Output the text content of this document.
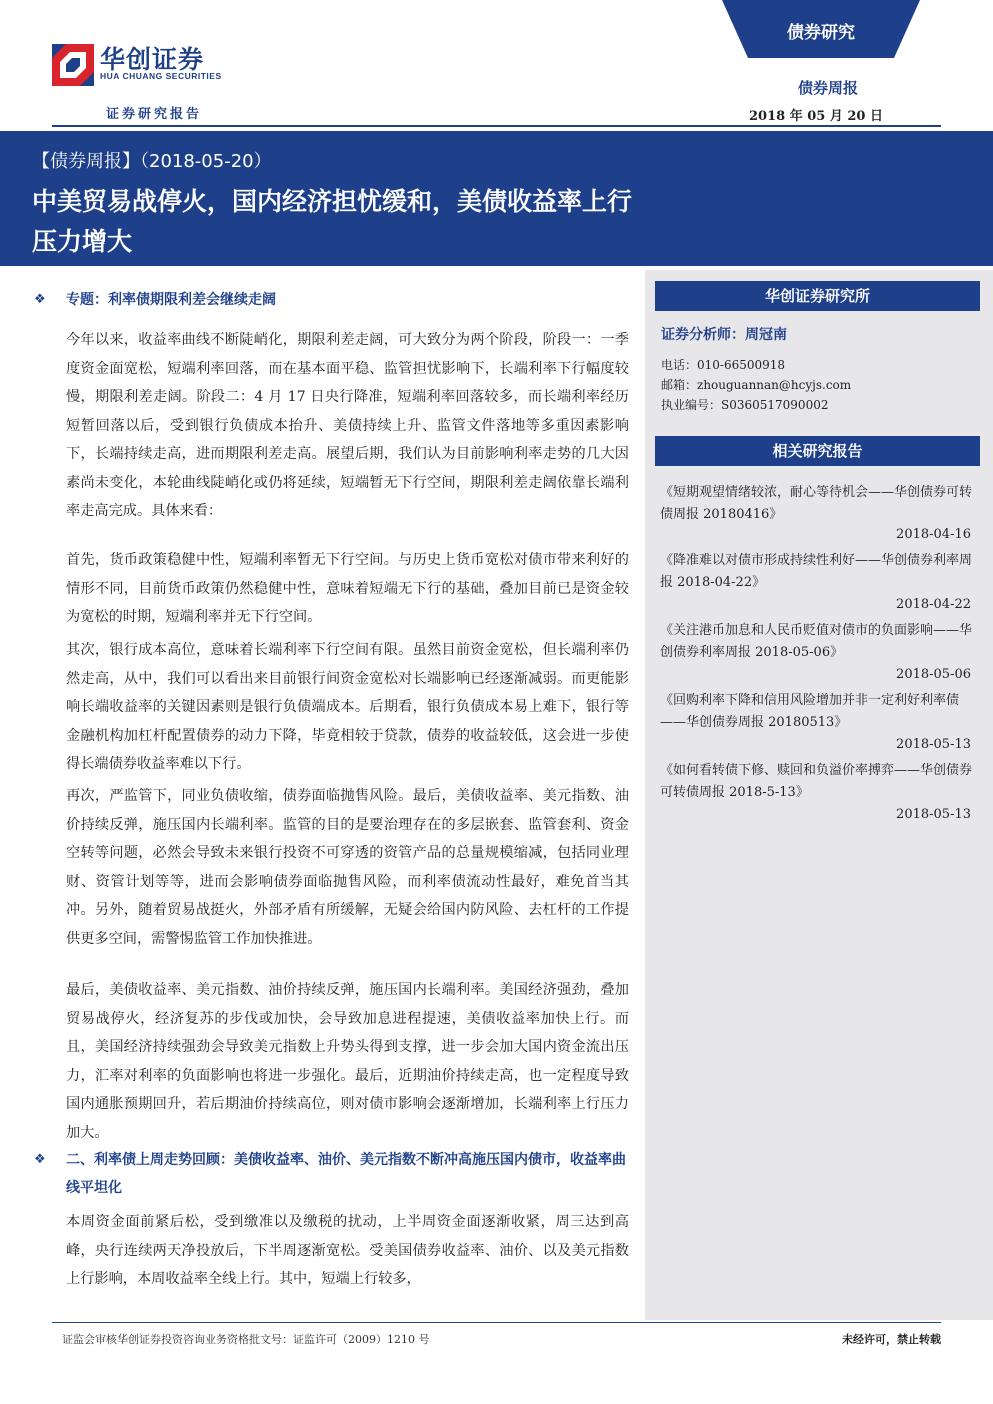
华创证券
HUA CHUANG SECURITIES
证券研究报告
债券研究
债券周报
2018 年 05 月 20 日
【债券周报】（2018-05-20）
中美贸易战停火，国内经济担忧缓和，美债收益率上行压力增大
华创证券研究所
证券分析师：周冠南
电话：010-66500918
邮箱：zhouguannan@hcyjs.com
执业编号：S0360517090002
相关研究报告
《短期观望情绪较浓，耐心等待机会——华创债券可转债周报 20180416》
2018-04-16
《降准难以对债市形成持续性利好——华创债券利率周报 2018-04-22》
2018-04-22
《关注港币加息和人民币贬值对债市的负面影响——华创债券利率周报 2018-05-06》
2018-05-06
《回购利率下降和信用风险增加并非一定利好利率债——华创债券周报 20180513》
2018-05-13
《如何看转债下修、赎回和负溢价率搏弈——华创债券可转债周报 2018-5-13》
2018-05-13
❖ 专题：利率债期限利差会继续走阔
今年以来，收益率曲线不断陡峭化，期限利差走阔，可大致分为两个阶段，阶段一：一季度资金面宽松，短端利率回落，而在基本面平稳、监管担忧影响下，长端利率下行幅度较慢，期限利差走阔。阶段二：4 月 17 日央行降准，短端利率回落较多，而长端利率经历短暂回落以后，受到银行负债成本抬升、美债持续上升、监管文件落地等多重因素影响下，长端持续走高，进而期限利差走高。展望后期，我们认为目前影响利率走势的几大因素尚未变化，本轮曲线陡峭化或仍将延续，短端暂无下行空间，期限利差走阔依靠长端利率走高完成。具体来看：
首先，货币政策稳健中性，短端利率暂无下行空间。与历史上货币宽松对债市带来利好的情形不同，目前货币政策仍然稳健中性，意味着短端无下行的基础，叠加目前已是资金较为宽松的时期，短端利率并无下行空间。
其次，银行成本高位，意味着长端利率下行空间有限。虽然目前资金宽松，但长端利率仍然走高，从中，我们可以看出来目前银行间资金宽松对长端影响已经逐渐减弱。而更能影响长端收益率的关键因素则是银行负债端成本。后期看，银行负债成本易上难下，银行等金融机构加杠杆配置债券的动力下降，毕竟相较于贷款，债券的收益较低，这会进一步使得长端债券收益率难以下行。
再次，严监管下，同业负债收缩，债券面临抛售风险。最后，美债收益率、美元指数、油价持续反弹，施压国内长端利率。监管的目的是要治理存在的多层嵌套、监管套利、资金空转等问题，必然会导致未来银行投资不可穿透的资管产品的总量规模缩减，包括同业理财、资管计划等等，进而会影响债券面临抛售风险，而利率债流动性最好，难免首当其冲。另外，随着贸易战挺火，外部矛盾有所缓解，无疑会给国内防风险、去杠杆的工作提供更多空间，需警惕监管工作加快推进。
最后，美债收益率、美元指数、油价持续反弹，施压国内长端利率。美国经济强劲，叠加贸易战停火，经济复苏的步伐或加快，会导致加息进程提速，美债收益率加快上行。而且，美国经济持续强劲会导致美元指数上升势头得到支撑，进一步会加大国内资金流出压力，汇率对利率的负面影响也将进一步强化。最后，近期油价持续走高，也一定程度导致国内通胀预期回升，若后期油价持续高位，则对债市影响会逐渐增加，长端利率上行压力加大。
❖ 二、利率债上周走势回顾：美债收益率、油价、美元指数不断冲高施压国内债市，收益率曲线平坦化
本周资金面前紧后松，受到缴准以及缴税的扰动，上半周资金面逐渐收紧，周三达到高峰，央行连续两天净投放后，下半周逐渐宽松。受美国债券收益率、油价、以及美元指数上行影响，本周收益率全线上行。其中，短端上行较多，
证监会审核华创证券投资咨询业务资格批文号：证监许可（2009）1210 号	未经许可，禁止转载
